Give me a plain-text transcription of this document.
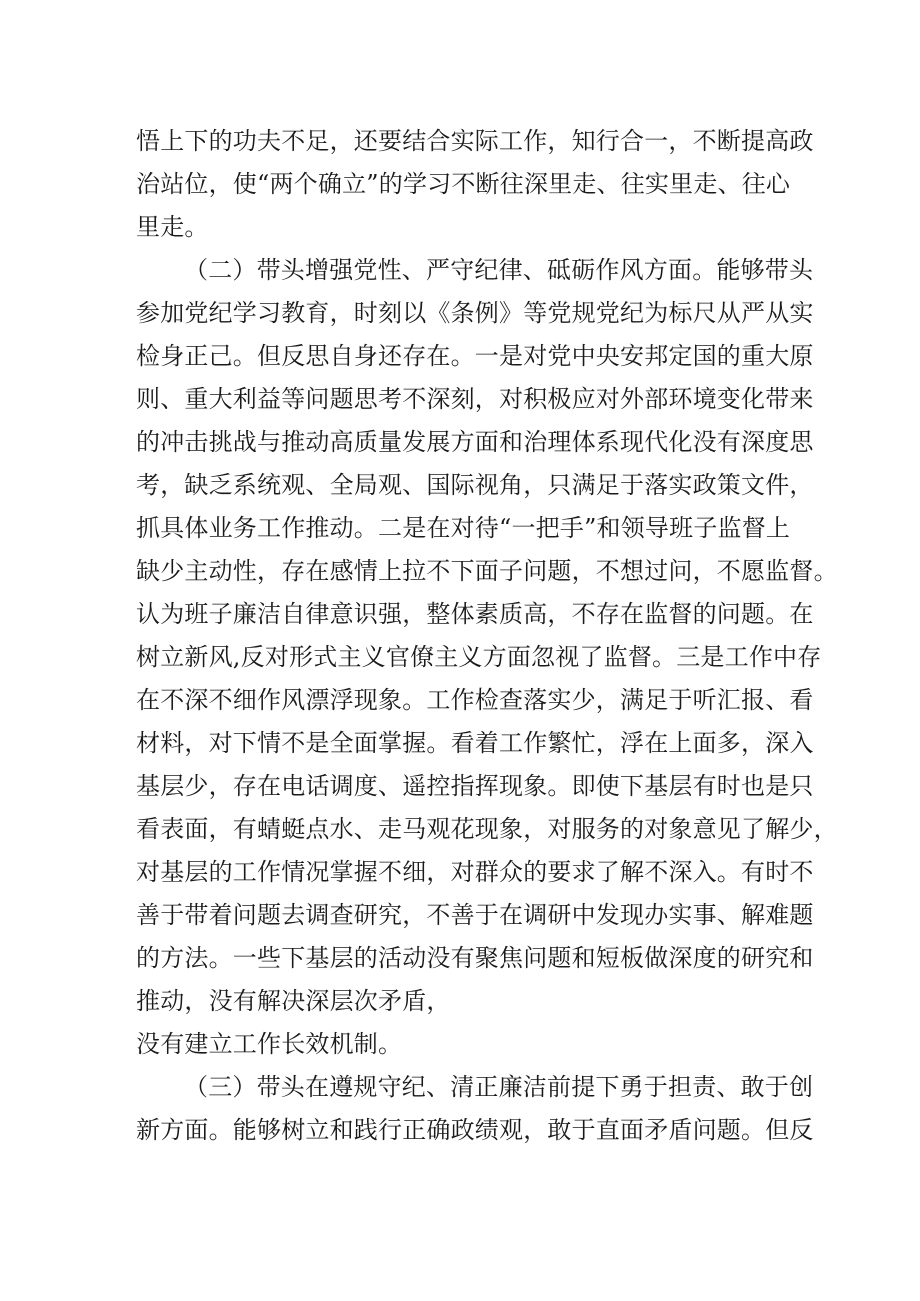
悟上下的功夫不足，还要结合实际工作，知行合一，不断提高政
治站位，使“两个确立”的学习不断往深里走、往实里走、往心
里走。
（二）带头增强党性、严守纪律、砥砺作风方面。能够带头
参加党纪学习教育，时刻以《条例》等党规党纪为标尺从严从实
检身正己。但反思自身还存在。一是对党中央安邦定国的重大原
则、重大利益等问题思考不深刻，对积极应对外部环境变化带来
的冲击挑战与推动高质量发展方面和治理体系现代化没有深度思
考，缺乏系统观、全局观、国际视角，只满足于落实政策文件，
抓具体业务工作推动。二是在对待“一把手”和领导班子监督上
缺少主动性，存在感情上拉不下面子问题，不想过问，不愿监督。
认为班子廉洁自律意识强，整体素质高，不存在监督的问题。在
树立新风,反对形式主义官僚主义方面忽视了监督。三是工作中存
在不深不细作风漂浮现象。工作检查落实少，满足于听汇报、看
材料，对下情不是全面掌握。看着工作繁忙，浮在上面多，深入
基层少，存在电话调度、遥控指挥现象。即使下基层有时也是只
看表面，有蜻蜓点水、走马观花现象，对服务的对象意见了解少，
对基层的工作情况掌握不细，对群众的要求了解不深入。有时不
善于带着问题去调查研究，不善于在调研中发现办实事、解难题
的方法。一些下基层的活动没有聚焦问题和短板做深度的研究和
推动，没有解决深层次矛盾，
没有建立工作长效机制。
（三）带头在遵规守纪、清正廉洁前提下勇于担责、敢于创
新方面。能够树立和践行正确政绩观，敢于直面矛盾问题。但反
